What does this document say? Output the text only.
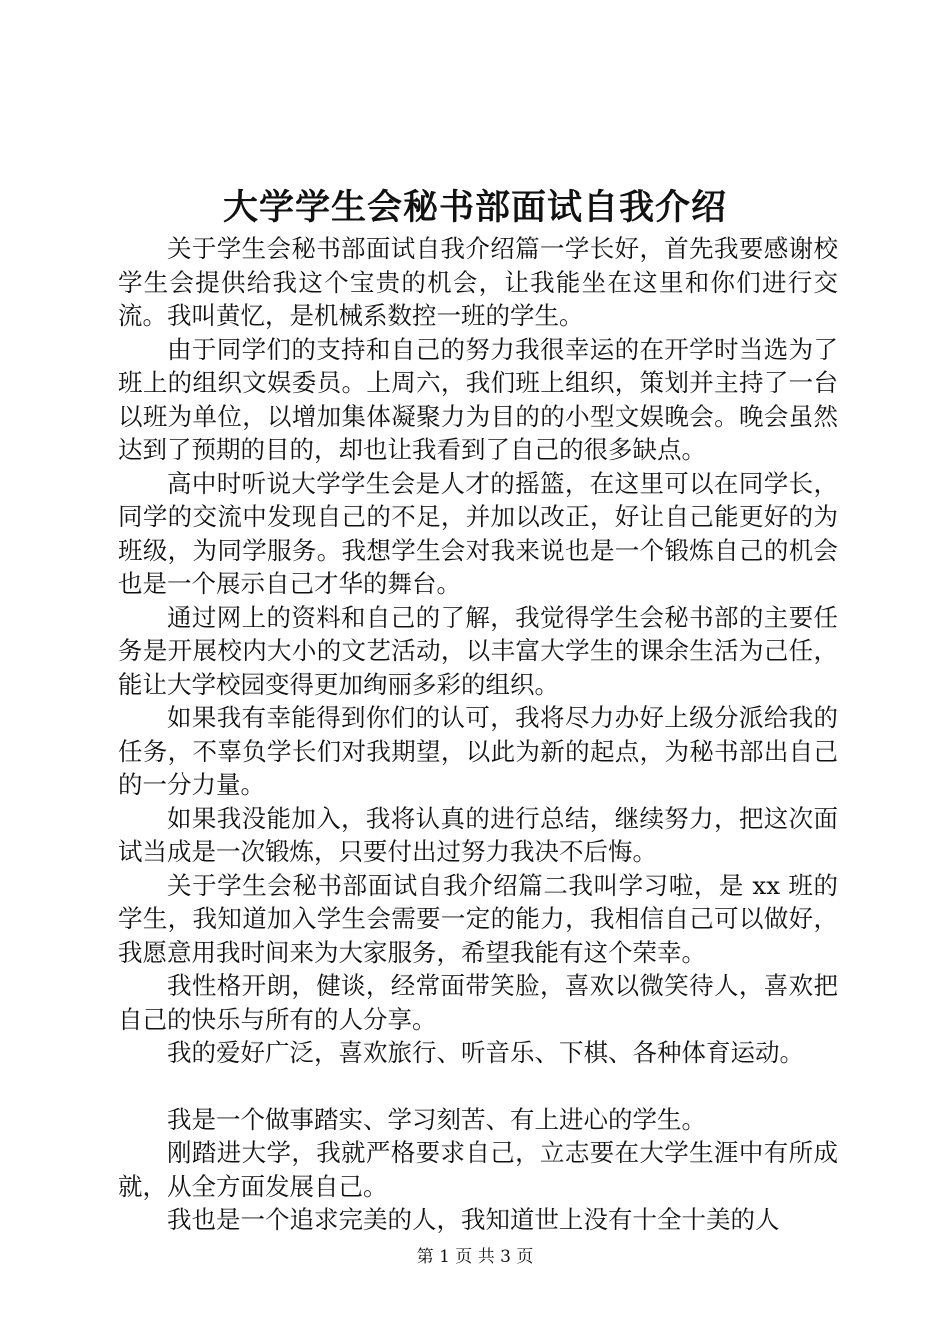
大学学生会秘书部面试自我介绍

关于学生会秘书部面试自我介绍篇一学长好，首先我要感谢校学生会提供给我这个宝贵的机会，让我能坐在这里和你们进行交流。我叫黄忆，是机械系数控一班的学生。

由于同学们的支持和自己的努力我很幸运的在开学时当选为了班上的组织文娱委员。上周六，我们班上组织，策划并主持了一台以班为单位，以增加集体凝聚力为目的的小型文娱晚会。晚会虽然达到了预期的目的，却也让我看到了自己的很多缺点。

高中时听说大学学生会是人才的摇篮，在这里可以在同学长，同学的交流中发现自己的不足，并加以改正，好让自己能更好的为班级，为同学服务。我想学生会对我来说也是一个锻炼自己的机会也是一个展示自己才华的舞台。

通过网上的资料和自己的了解，我觉得学生会秘书部的主要任务是开展校内大小的文艺活动，以丰富大学生的课余生活为己任，能让大学校园变得更加绚丽多彩的组织。

如果我有幸能得到你们的认可，我将尽力办好上级分派给我的任务，不辜负学长们对我期望，以此为新的起点，为秘书部出自己的一分力量。

如果我没能加入，我将认真的进行总结，继续努力，把这次面试当成是一次锻炼，只要付出过努力我决不后悔。

关于学生会秘书部面试自我介绍篇二我叫学习啦，是 xx 班的学生，我知道加入学生会需要一定的能力，我相信自己可以做好，我愿意用我时间来为大家服务，希望我能有这个荣幸。

我性格开朗，健谈，经常面带笑脸，喜欢以微笑待人，喜欢把自己的快乐与所有的人分享。

我的爱好广泛，喜欢旅行、听音乐、下棋、各种体育运动。

我是一个做事踏实、学习刻苦、有上进心的学生。

刚踏进大学，我就严格要求自己，立志要在大学生涯中有所成就，从全方面发展自己。

我也是一个追求完美的人，我知道世上没有十全十美的人

第 1 页 共 3 页
